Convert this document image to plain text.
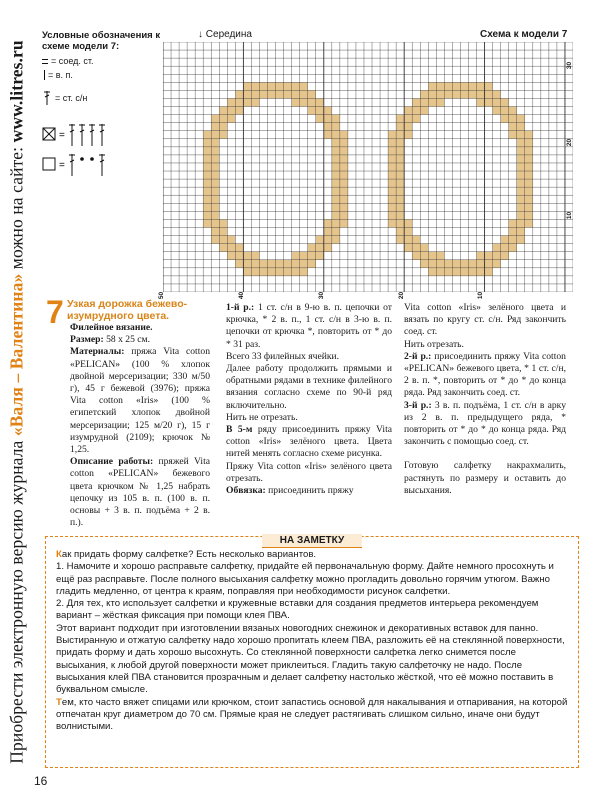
Приобрести электронную версию журнала «Валя – Валентина» можно на сайте: www.litres.ru
Условные обозначения к схеме модели 7:
= соед. ст.
= в. п.
= ст. с/н
=
=
↓ Середина	Схема к модели 7
30
20
10
50	40	30	20	10
7 Узкая дорожка бежево-изумрудного цвета.

Филейное вязание.

Размер: 58 х 25 см.

Материалы: пряжа Vita cotton «PELICAN» (100 % хлопок двойной мерсеризации; 330 м/50 г), 45 г бежевой (3976); пряжа Vita cotton «Iris» (100 % египетский хлопок двойной мерсеризации; 125 м/20 г), 15 г изумрудной (2109); крючок № 1,25.

Описание работы: пряжей Vita cotton «PELICAN» бежевого цвета крючком № 1,25 набрать цепочку из 105 в. п. (100 в. п. основы + 3 в. п. подъёма + 2 в. п.).

1-й р.: 1 ст. с/н в 9-ю в. п. цепочки от крючка, * 2 в. п., 1 ст. с/н в 3-ю в. п. цепочки от крючка *, повторить от * до * 31 раз.

Всего 33 филейных ячейки.

Далее работу продолжить прямыми и обратными рядами в технике филейного вязания согласно схеме по 90-й ряд включительно.

Нить не отрезать.

В 5-м ряду присоединить пряжу Vita cotton «Iris» зелёного цвета. Цвета нитей менять согласно схеме рисунка.

Пряжу Vita cotton «Iris» зелёного цвета отрезать.

Обвязка: присоединить пряжу

Vita cotton «Iris» зелёного цвета и вязать по кругу ст. с/н. Ряд закончить соед. ст.

Нить отрезать.

2-й р.: присоединить пряжу Vita cotton «PELICAN» бежевого цвета, * 1 ст. с/н, 2 в. п. *, повторить от * до * до конца ряда. Ряд закончить соед. ст.

3-й р.: 3 в. п. подъёма, 1 ст. с/н в арку из 2 в. п. предыдущего ряда, * повторить от * до * до конца ряда. Ряд закончить с помощью соед. ст.

Готовую салфетку накрахмалить, растянуть по размеру и оставить до высыхания.

НА ЗАМЕТКУ

Как придать форму салфетке? Есть несколько вариантов.

1. Намочите и хорошо расправьте салфетку, придайте ей первоначальную форму. Дайте немного просохнуть и ещё раз расправьте. После полного высыхания салфетку можно прогладить довольно горячим утюгом. Важно гладить медленно, от центра к краям, поправляя при необходимости рисунок салфетки.

2. Для тех, кто использует салфетки и кружевные вставки для создания предметов интерьера рекомендуем вариант – жёсткая фиксация при помощи клея ПВА.

Этот вариант подходит при изготовлении вязаных новогодних снежинок и декоративных вставок для панно.

Выстиранную и отжатую салфетку надо хорошо пропитать клеем ПВА, разложить её на стеклянной поверхности, придать форму и дать хорошо высохнуть. Со стеклянной поверхности салфетка легко снимется после высыхания, к любой другой поверхности может приклеиться. Гладить такую салфеточку не надо. После высыхания клей ПВА становится прозрачным и делает салфетку настолько жёсткой, что её можно поставить в буквальном смысле.

Тем, кто часто вяжет спицами или крючком, стоит запастись основой для накалывания и отпаривания, на которой отпечатан круг диаметром до 70 см. Прямые края не следует растягивать слишком сильно, иначе они будут волнистыми.

16
